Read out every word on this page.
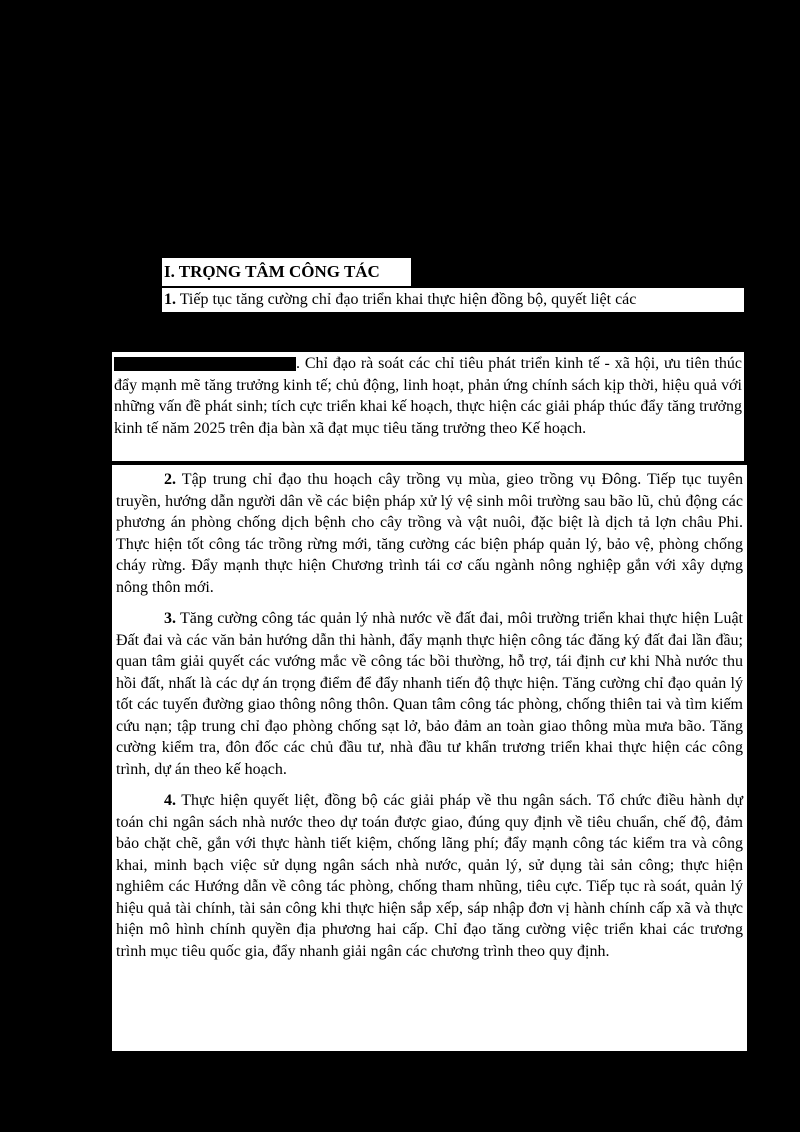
I. TRỌNG TÂM CÔNG TÁC
1. Tiếp tục tăng cường chỉ đạo triển khai thực hiện đồng bộ, quyết liệt các
. Chỉ đạo rà soát các chỉ tiêu phát triển kinh tế - xã hội, ưu tiên thúc đẩy mạnh mẽ tăng trưởng kinh tế; chủ động, linh hoạt, phản ứng chính sách kịp thời, hiệu quả với những vấn đề phát sinh; tích cực triển khai kế hoạch, thực hiện các giải pháp thúc đẩy tăng trưởng kinh tế năm 2025 trên địa bàn xã đạt mục tiêu tăng trưởng theo Kế hoạch.

2. Tập trung chỉ đạo thu hoạch cây trồng vụ mùa, gieo trồng vụ Đông. Tiếp tục tuyên truyền, hướng dẫn người dân về các biện pháp xử lý vệ sinh môi trường sau bão lũ, chủ động các phương án phòng chống dịch bệnh cho cây trồng và vật nuôi, đặc biệt là dịch tả lợn châu Phi. Thực hiện tốt công tác trồng rừng mới, tăng cường các biện pháp quản lý, bảo vệ, phòng chống cháy rừng. Đẩy mạnh thực hiện Chương trình tái cơ cấu ngành nông nghiệp gắn với xây dựng nông thôn mới.

3. Tăng cường công tác quản lý nhà nước về đất đai, môi trường triển khai thực hiện Luật Đất đai và các văn bản hướng dẫn thi hành, đẩy mạnh thực hiện công tác đăng ký đất đai lần đầu; quan tâm giải quyết các vướng mắc về công tác bồi thường, hỗ trợ, tái định cư khi Nhà nước thu hồi đất, nhất là các dự án trọng điểm để đẩy nhanh tiến độ thực hiện. Tăng cường chỉ đạo quản lý tốt các tuyến đường giao thông nông thôn. Quan tâm công tác phòng, chống thiên tai và tìm kiếm cứu nạn; tập trung chỉ đạo phòng chống sạt lở, bảo đảm an toàn giao thông mùa mưa bão. Tăng cường kiểm tra, đôn đốc các chủ đầu tư, nhà đầu tư khẩn trương triển khai thực hiện các công trình, dự án theo kế hoạch.

4. Thực hiện quyết liệt, đồng bộ các giải pháp về thu ngân sách. Tổ chức điều hành dự toán chi ngân sách nhà nước theo dự toán được giao, đúng quy định về tiêu chuẩn, chế độ, đảm bảo chặt chẽ, gắn với thực hành tiết kiệm, chống lãng phí; đẩy mạnh công tác kiểm tra và công khai, minh bạch việc sử dụng ngân sách nhà nước, quản lý, sử dụng tài sản công; thực hiện nghiêm các Hướng dẫn về công tác phòng, chống tham nhũng, tiêu cực. Tiếp tục rà soát, quản lý hiệu quả tài chính, tài sản công khi thực hiện sắp xếp, sáp nhập đơn vị hành chính cấp xã và thực hiện mô hình chính quyền địa phương hai cấp. Chỉ đạo tăng cường việc triển khai các trương trình mục tiêu quốc gia, đẩy nhanh giải ngân các chương trình theo quy định.
